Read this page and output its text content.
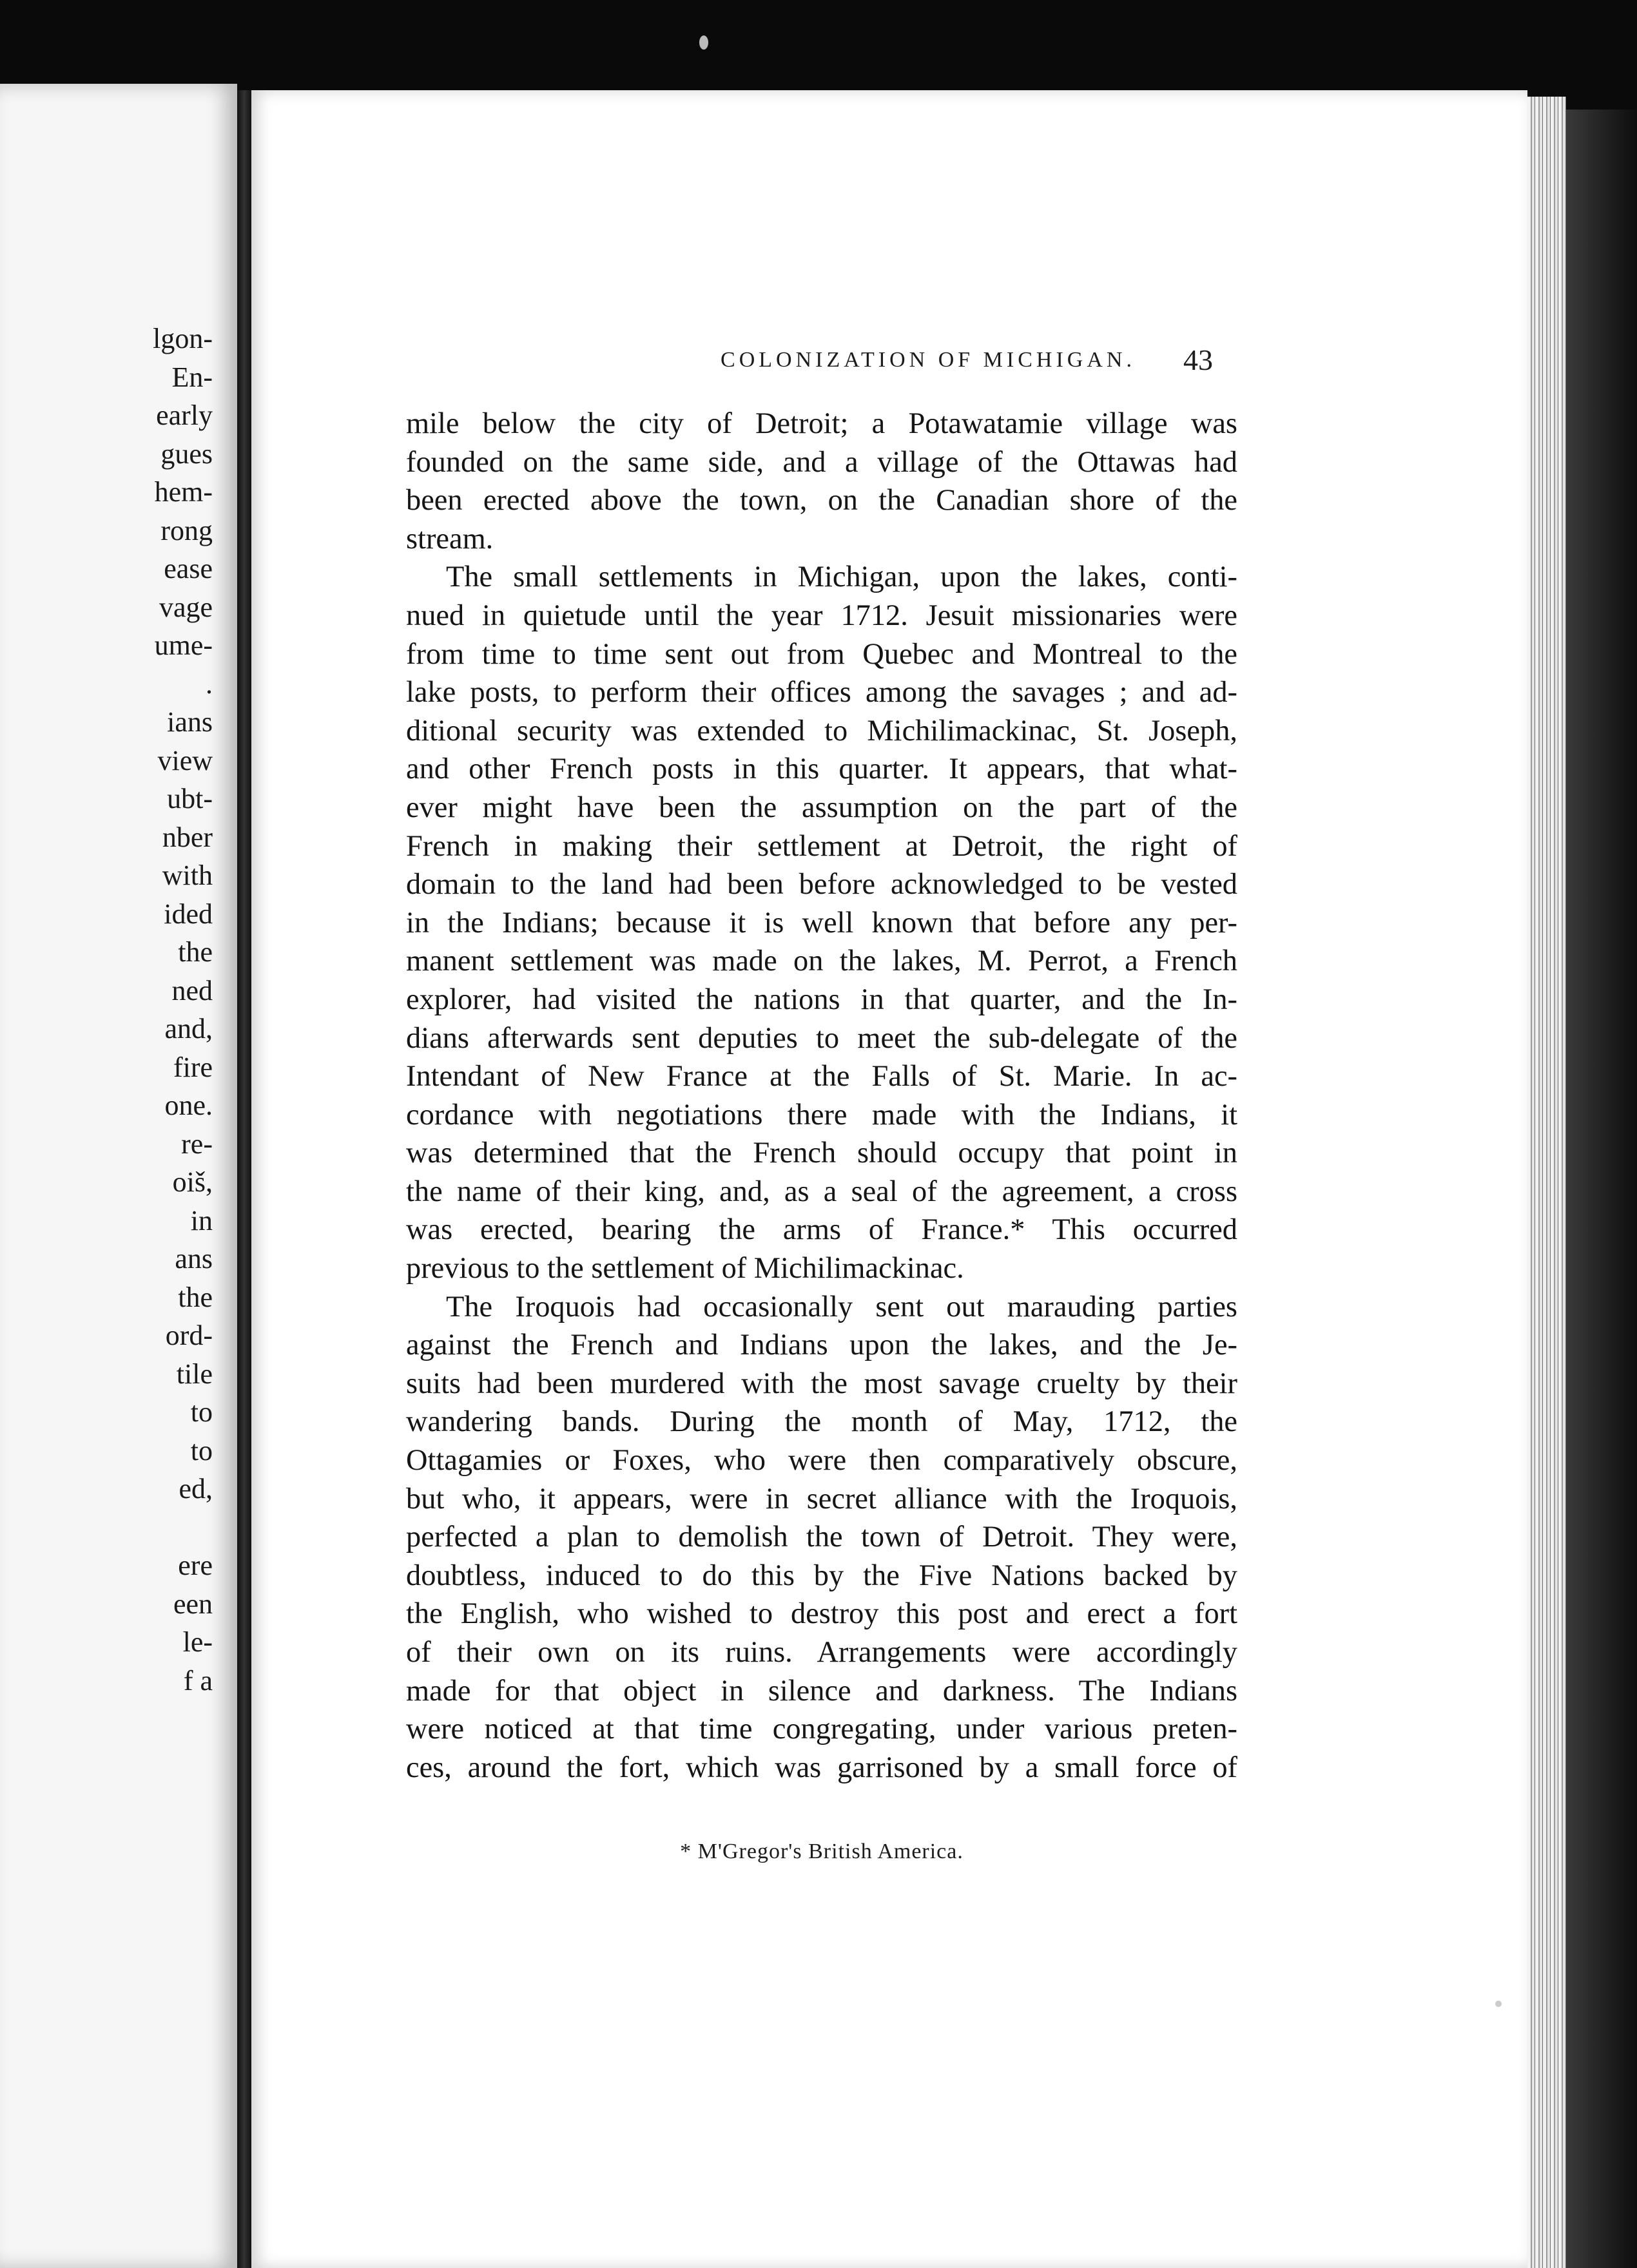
lgon-
En-
early
gues
hem-
rong
ease
vage
ume-
.
ians
view
ubt-
nber
with
ided
the
ned
and,
fire
one.
re-
oiš,
in
ans
the
ord-
tile
to
to
ed,
ere
een
le-
f a
COLONIZATION OF MICHIGAN.	43
mile below the city of Detroit; a Potawatamie village was
founded on the same side, and a village of the Ottawas had
been erected above the town, on the Canadian shore of the
stream.
The small settlements in Michigan, upon the lakes, conti-
nued in quietude until the year 1712. Jesuit missionaries were
from time to time sent out from Quebec and Montreal to the
lake posts, to perform their offices among the savages ; and ad-
ditional security was extended to Michilimackinac, St. Joseph,
and other French posts in this quarter. It appears, that what-
ever might have been the assumption on the part of the
French in making their settlement at Detroit, the right of
domain to the land had been before acknowledged to be vested
in the Indians; because it is well known that before any per-
manent settlement was made on the lakes, M. Perrot, a French
explorer, had visited the nations in that quarter, and the In-
dians afterwards sent deputies to meet the sub-delegate of the
Intendant of New France at the Falls of St. Marie. In ac-
cordance with negotiations there made with the Indians, it
was determined that the French should occupy that point in
the name of their king, and, as a seal of the agreement, a cross
was erected, bearing the arms of France.* This occurred
previous to the settlement of Michilimackinac.
The Iroquois had occasionally sent out marauding parties
against the French and Indians upon the lakes, and the Je-
suits had been murdered with the most savage cruelty by their
wandering bands. During the month of May, 1712, the
Ottagamies or Foxes, who were then comparatively obscure,
but who, it appears, were in secret alliance with the Iroquois,
perfected a plan to demolish the town of Detroit. They were,
doubtless, induced to do this by the Five Nations backed by
the English, who wished to destroy this post and erect a fort
of their own on its ruins. Arrangements were accordingly
made for that object in silence and darkness. The Indians
were noticed at that time congregating, under various preten-
ces, around the fort, which was garrisoned by a small force of
* M'Gregor's British America.
